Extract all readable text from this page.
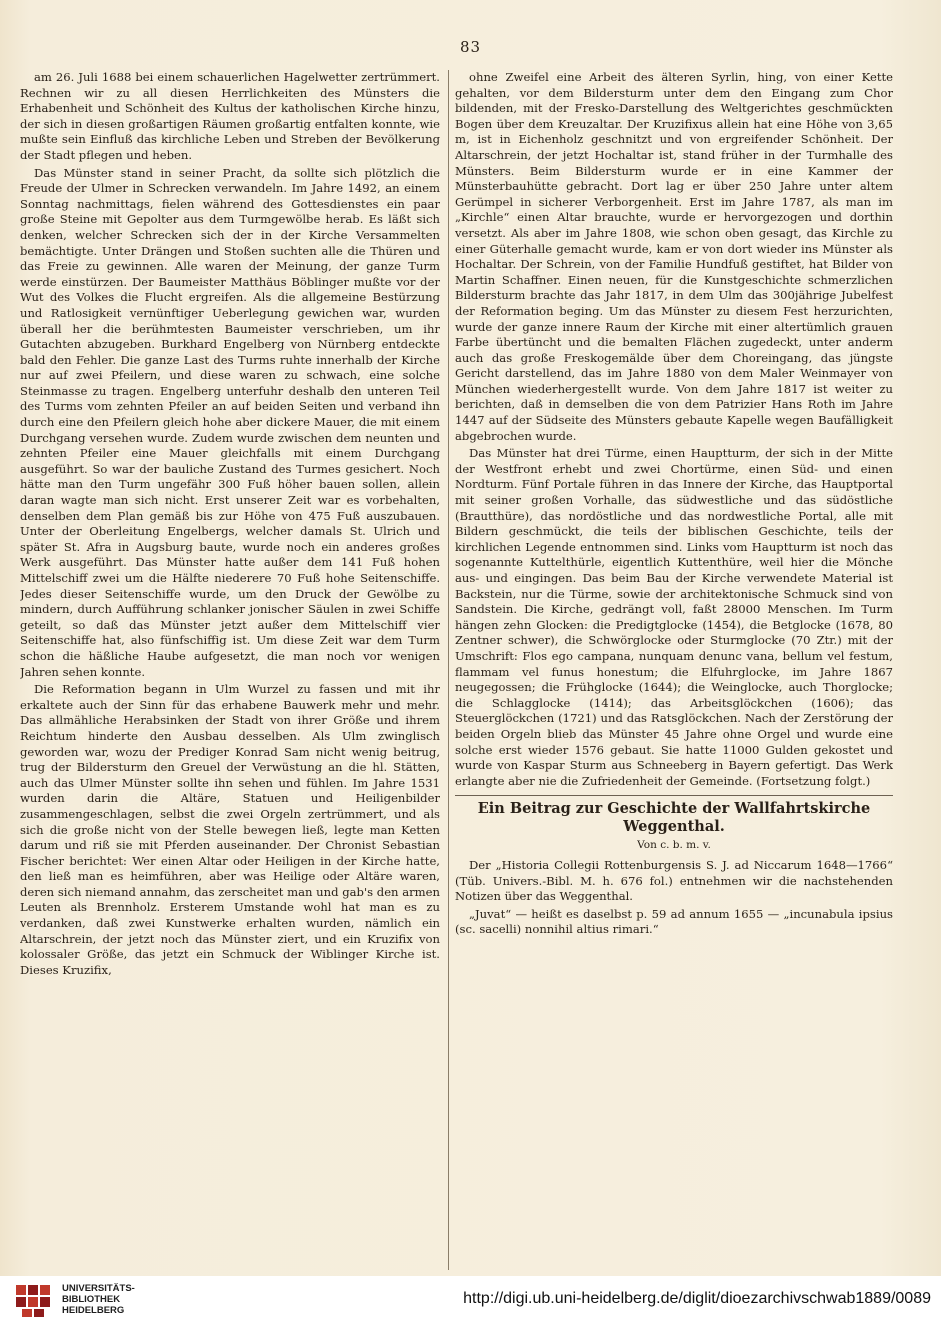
83

am 26. Juli 1688 bei einem schauerlichen Hagelwetter zertrümmert. Rechnen wir zu all diesen Herrlichkeiten des Münsters die Erhabenheit und Schönheit des Kultus der katholischen Kirche hinzu, der sich in diesen großartigen Räumen großartig entfalten konnte, wie mußte sein Einfluß das kirchliche Leben und Streben der Bevölkerung der Stadt pflegen und heben.

Das Münster stand in seiner Pracht, da sollte sich plötzlich die Freude der Ulmer in Schrecken verwandeln. Im Jahre 1492, an einem Sonntag nachmittags, fielen während des Gottesdienstes ein paar große Steine mit Gepolter aus dem Turmgewölbe herab. Es läßt sich denken, welcher Schrecken sich der in der Kirche Versammelten bemächtigte. Unter Drängen und Stoßen suchten alle die Thüren und das Freie zu gewinnen. Alle waren der Meinung, der ganze Turm werde einstürzen. Der Baumeister Matthäus Böblinger mußte vor der Wut des Volkes die Flucht ergreifen. Als die allgemeine Bestürzung und Ratlosigkeit vernünftiger Ueberlegung gewichen war, wurden überall her die berühmtesten Baumeister verschrieben, um ihr Gutachten abzugeben. Burkhard Engelberg von Nürnberg entdeckte bald den Fehler. Die ganze Last des Turms ruhte innerhalb der Kirche nur auf zwei Pfeilern, und diese waren zu schwach, eine solche Steinmasse zu tragen. Engelberg unterfuhr deshalb den unteren Teil des Turms vom zehnten Pfeiler an auf beiden Seiten und verband ihn durch eine den Pfeilern gleich hohe aber dickere Mauer, die mit einem Durchgang versehen wurde. Zudem wurde zwischen dem neunten und zehnten Pfeiler eine Mauer gleichfalls mit einem Durchgang ausgeführt. So war der bauliche Zustand des Turmes gesichert. Noch hätte man den Turm ungefähr 300 Fuß höher bauen sollen, allein daran wagte man sich nicht. Erst unserer Zeit war es vorbehalten, denselben dem Plan gemäß bis zur Höhe von 475 Fuß auszubauen. Unter der Oberleitung Engelbergs, welcher damals St. Ulrich und später St. Afra in Augsburg baute, wurde noch ein anderes großes Werk ausgeführt. Das Münster hatte außer dem 141 Fuß hohen Mittelschiff zwei um die Hälfte niederere 70 Fuß hohe Seitenschiffe. Jedes dieser Seitenschiffe wurde, um den Druck der Gewölbe zu mindern, durch Aufführung schlanker jonischer Säulen in zwei Schiffe geteilt, so daß das Münster jetzt außer dem Mittelschiff vier Seitenschiffe hat, also fünfschiffig ist. Um diese Zeit war dem Turm schon die häßliche Haube aufgesetzt, die man noch vor wenigen Jahren sehen konnte.

Die Reformation begann in Ulm Wurzel zu fassen und mit ihr erkaltete auch der Sinn für das erhabene Bauwerk mehr und mehr. Das allmähliche Herabsinken der Stadt von ihrer Größe und ihrem Reichtum hinderte den Ausbau desselben. Als Ulm zwinglisch geworden war, wozu der Prediger Konrad Sam nicht wenig beitrug, trug der Bildersturm den Greuel der Verwüstung an die hl. Stätten, auch das Ulmer Münster sollte ihn sehen und fühlen. Im Jahre 1531 wurden darin die Altäre, Statuen und Heiligenbilder zusammengeschlagen, selbst die zwei Orgeln zertrümmert, und als sich die große nicht von der Stelle bewegen ließ, legte man Ketten darum und riß sie mit Pferden auseinander. Der Chronist Sebastian Fischer berichtet: Wer einen Altar oder Heiligen in der Kirche hatte, den ließ man es heimführen, aber was Heilige oder Altäre waren, deren sich niemand annahm, das zerscheitet man und gab's den armen Leuten als Brennholz. Ersterem Umstande wohl hat man es zu verdanken, daß zwei Kunstwerke erhalten wurden, nämlich ein Altarschrein, der jetzt noch das Münster ziert, und ein Kruzifix von kolossaler Größe, das jetzt ein Schmuck der Wiblinger Kirche ist. Dieses Kruzifix,

ohne Zweifel eine Arbeit des älteren Syrlin, hing, von einer Kette gehalten, vor dem Bildersturm unter dem den Eingang zum Chor bildenden, mit der Fresko-Darstellung des Weltgerichtes geschmückten Bogen über dem Kreuzaltar. Der Kruzifixus allein hat eine Höhe von 3,65 m, ist in Eichenholz geschnitzt und von ergreifender Schönheit. Der Altarschrein, der jetzt Hochaltar ist, stand früher in der Turmhalle des Münsters. Beim Bildersturm wurde er in eine Kammer der Münsterbauhütte gebracht. Dort lag er über 250 Jahre unter altem Gerümpel in sicherer Verborgenheit. Erst im Jahre 1787, als man im „Kirchle“ einen Altar brauchte, wurde er hervorgezogen und dorthin versetzt. Als aber im Jahre 1808, wie schon oben gesagt, das Kirchle zu einer Güterhalle gemacht wurde, kam er von dort wieder ins Münster als Hochaltar. Der Schrein, von der Familie Hundfuß gestiftet, hat Bilder von Martin Schaffner. Einen neuen, für die Kunstgeschichte schmerzlichen Bildersturm brachte das Jahr 1817, in dem Ulm das 300jährige Jubelfest der Reformation beging. Um das Münster zu diesem Fest herzurichten, wurde der ganze innere Raum der Kirche mit einer altertümlich grauen Farbe übertüncht und die bemalten Flächen zugedeckt, unter anderm auch das große Freskogemälde über dem Choreingang, das jüngste Gericht darstellend, das im Jahre 1880 von dem Maler Weinmayer von München wiederhergestellt wurde. Von dem Jahre 1817 ist weiter zu berichten, daß in demselben die von dem Patrizier Hans Roth im Jahre 1447 auf der Südseite des Münsters gebaute Kapelle wegen Baufälligkeit abgebrochen wurde.

Das Münster hat drei Türme, einen Hauptturm, der sich in der Mitte der Westfront erhebt und zwei Chortürme, einen Süd- und einen Nordturm. Fünf Portale führen in das Innere der Kirche, das Hauptportal mit seiner großen Vorhalle, das südwestliche und das südöstliche (Brautthüre), das nordöstliche und das nordwestliche Portal, alle mit Bildern geschmückt, die teils der biblischen Geschichte, teils der kirchlichen Legende entnommen sind. Links vom Hauptturm ist noch das sogenannte Kuttelthürle, eigentlich Kuttenthüre, weil hier die Mönche aus- und eingingen. Das beim Bau der Kirche verwendete Material ist Backstein, nur die Türme, sowie der architektonische Schmuck sind von Sandstein. Die Kirche, gedrängt voll, faßt 28000 Menschen. Im Turm hängen zehn Glocken: die Predigtglocke (1454), die Betglocke (1678, 80 Zentner schwer), die Schwörglocke oder Sturmglocke (70 Ztr.) mit der Umschrift: Flos ego campana, nunquam denunc vana, bellum vel festum, flammam vel funus honestum; die Elfuhrglocke, im Jahre 1867 neugegossen; die Frühglocke (1644); die Weinglocke, auch Thorglocke; die Schlagglocke (1414); das Arbeitsglöckchen (1606); das Steuerglöckchen (1721) und das Ratsglöckchen. Nach der Zerstörung der beiden Orgeln blieb das Münster 45 Jahre ohne Orgel und wurde eine solche erst wieder 1576 gebaut. Sie hatte 11000 Gulden gekostet und wurde von Kaspar Sturm aus Schneeberg in Bayern gefertigt. Das Werk erlangte aber nie die Zufriedenheit der Gemeinde. (Fortsetzung folgt.)

Ein Beitrag zur Geschichte der Wallfahrtskirche
Weggenthal.
Von c. b. m. v.

Der „Historia Collegii Rottenburgensis S. J. ad Niccarum 1648—1766“ (Tüb. Univers.-Bibl. M. h. 676 fol.) entnehmen wir die nachstehenden Notizen über das Weggenthal.

„Juvat“ — heißt es daselbst p. 59 ad annum 1655 — „incunabula ipsius (sc. sacelli) nonnihil altius rimari.“

UNIVERSITÄTS-
BIBLIOTHEK
HEIDELBERG
http://digi.ub.uni-heidelberg.de/diglit/dioezarchivschwab1889/0089
